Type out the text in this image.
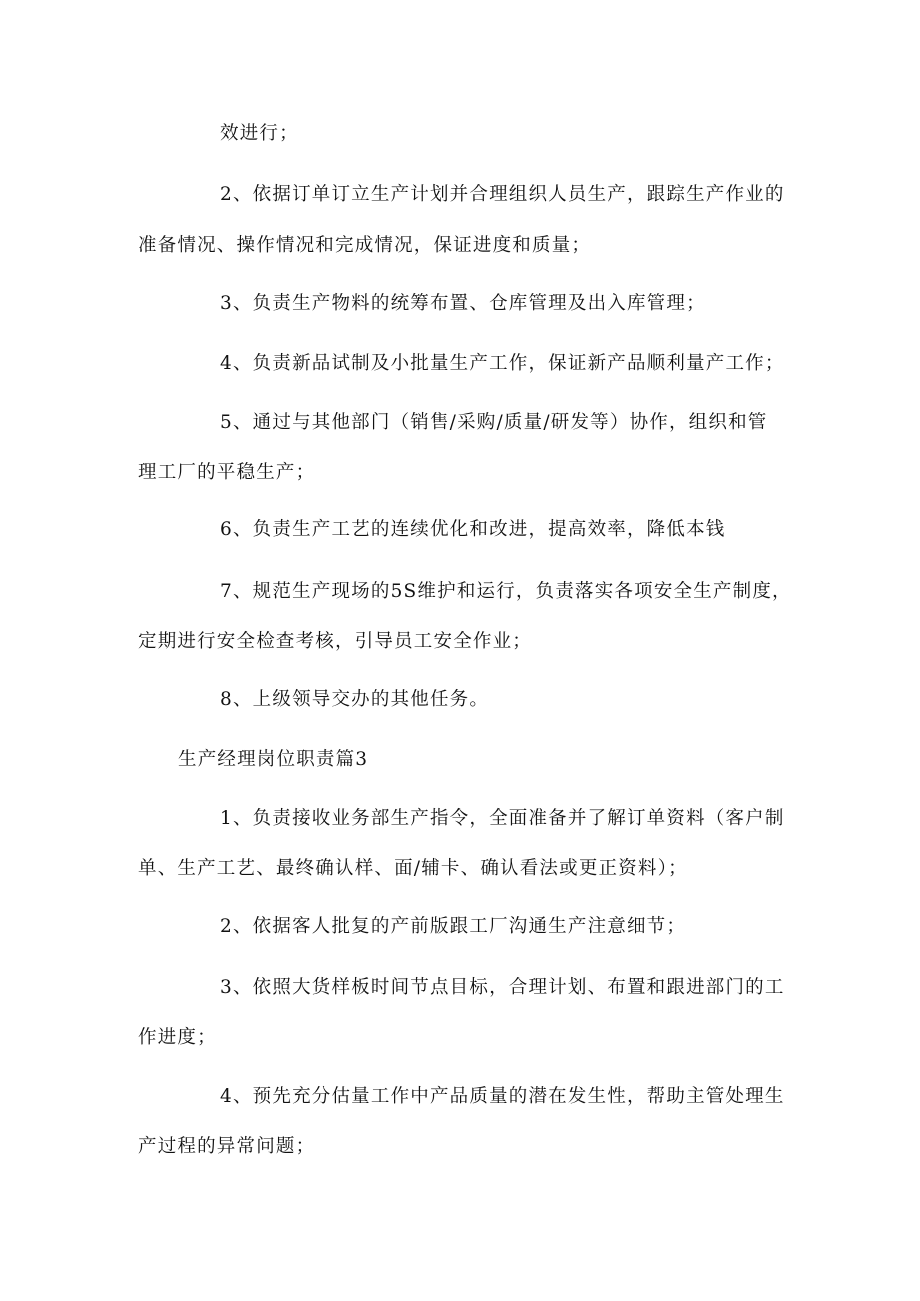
效进行；
2、依据订单订立生产计划并合理组织人员生产，跟踪生产作业的
准备情况、操作情况和完成情况，保证进度和质量；
3、负责生产物料的统筹布置、仓库管理及出入库管理；
4、负责新品试制及小批量生产工作，保证新产品顺利量产工作；
5、通过与其他部门（销售/采购/质量/研发等）协作，组织和管
理工厂的平稳生产；
6、负责生产工艺的连续优化和改进，提高效率，降低本钱
7、规范生产现场的5S维护和运行，负责落实各项安全生产制度，
定期进行安全检查考核，引导员工安全作业；
8、上级领导交办的其他任务。
生产经理岗位职责篇3
1、负责接收业务部生产指令，全面准备并了解订单资料（客户制
单、生产工艺、最终确认样、面/辅卡、确认看法或更正资料）；
2、依据客人批复的产前版跟工厂沟通生产注意细节；
3、依照大货样板时间节点目标，合理计划、布置和跟进部门的工
作进度；
4、预先充分估量工作中产品质量的潜在发生性，帮助主管处理生
产过程的异常问题；
